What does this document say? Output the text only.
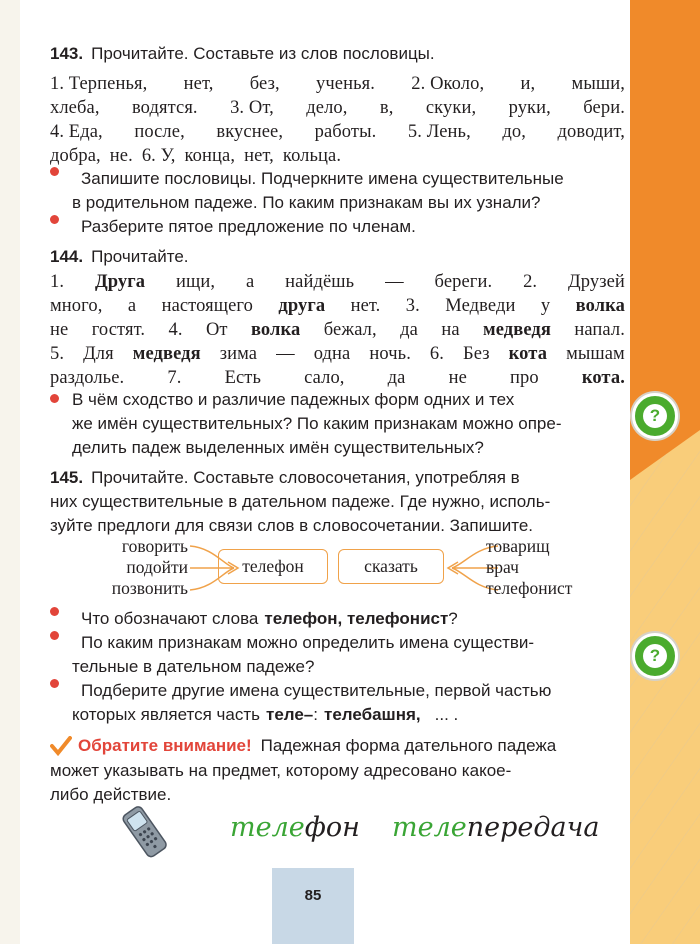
143. Прочитайте. Составьте из слов пословицы.
1. Терпенья, нет, без, ученья. 2. Около, и, мыши,
хлеба, водятся. 3. От, дело, в, скуки, руки, бери.
4. Еда, после, вкуснее, работы. 5. Лень, до, доводит,
добра, не. 6. У, конца, нет, кольца.
Запишите пословицы. Подчеркните имена существительные
в родительном падеже. По каким признакам вы их узнали?
Разберите пятое предложение по членам.
144. Прочитайте.
1. Друга ищи, а найдёшь — береги. 2. Друзей
много, а настоящего друга нет. 3. Медведи у волка
не гостят. 4. От волка бежал, да на медведя напал.
5. Для медведя зима — одна ночь. 6. Без кота мышам
раздолье. 7. Есть сало, да не про кота.
В чём сходство и различие падежных форм одних и тех
же имён существительных? По каким признакам можно опре-
делить падеж выделенных имён существительных?
145. Прочитайте. Составьте словосочетания, употребляя в
них существительные в дательном падеже. Где нужно, исполь-
зуйте предлоги для связи слов в словосочетании. Запишите.
говорить
подойти
позвонить
телефон	сказать
товарищ
врач
телефонист
Что обозначают слова телефон, телефонист ?
По каким признакам можно определить имена существи-
тельные в дательном падеже?
Подберите другие имена существительные, первой частью
которых является часть теле– : телебашня, ... .
Обратите внимание! Падежная форма дательного падежа
может указывать на предмет, которому адресовано какое-
либо действие.
телефон телепередача
85
?
?
